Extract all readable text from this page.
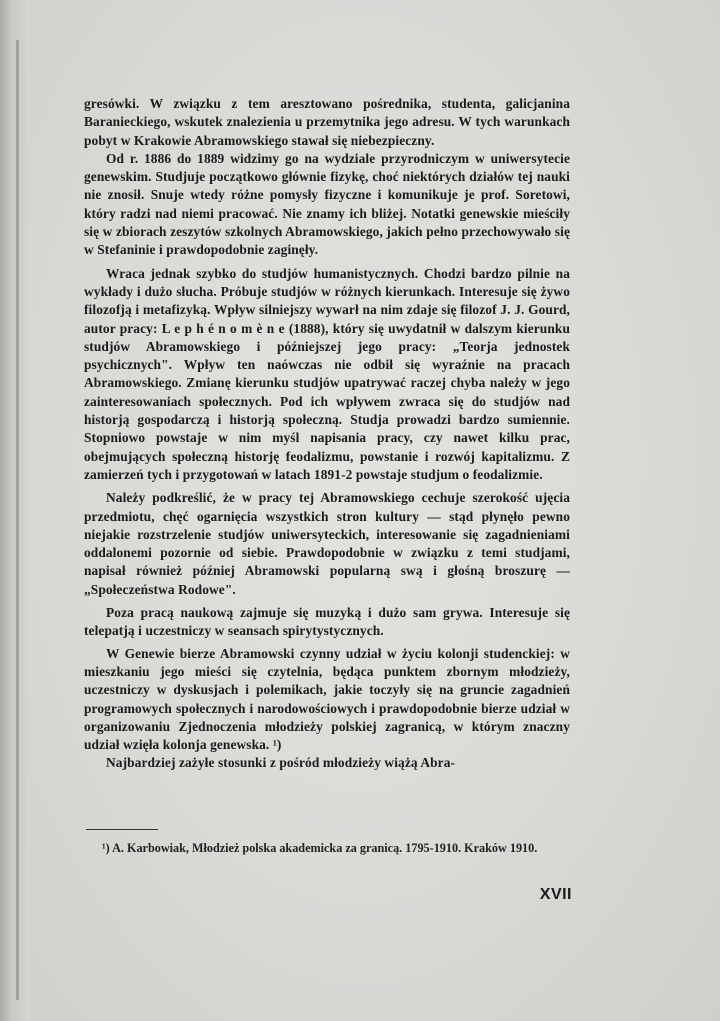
gresówki. W związku z tem aresztowano pośrednika, studenta, galicjanina Baranieckiego, wskutek znalezienia u przemytnika jego adresu. W tych warunkach pobyt w Krakowie Abramowskiego stawał się niebezpieczny.

Od r. 1886 do 1889 widzimy go na wydziale przyrodniczym w uniwersytecie genewskim. Studjuje początkowo głównie fizykę, choć niektórych działów tej nauki nie znosił. Snuje wtedy różne pomysły fizyczne i komunikuje je prof. Soretowi, który radzi nad niemi pracować. Nie znamy ich bliżej. Notatki genewskie mieściły się w zbiorach zeszytów szkolnych Abramowskiego, jakich pełno przechowywało się w Stefaninie i prawdopodobnie zaginęły.

Wraca jednak szybko do studjów humanistycznych. Chodzi bardzo pilnie na wykłady i dużo słucha. Próbuje studjów w różnych kierunkach. Interesuje się żywo filozofją i metafizyką. Wpływ silniejszy wywarł na nim zdaje się filozof J. J. Gourd, autor pracy: L e p h é n o m è n e (1888), który się uwydatnił w dalszym kierunku studjów Abramowskiego i późniejszej jego pracy: „Teorja jednostek psychicznych". Wpływ ten naówczas nie odbił się wyraźnie na pracach Abramowskiego. Zmianę kierunku studjów upatrywać raczej chyba należy w jego zainteresowaniach społecznych. Pod ich wpływem zwraca się do studjów nad historją gospodarczą i historją społeczną. Studja prowadzi bardzo sumiennie. Stopniowo powstaje w nim myśl napisania pracy, czy nawet kilku prac, obejmujących społeczną historję feodalizmu, powstanie i rozwój kapitalizmu. Z zamierzeń tych i przygotowań w latach 1891-2 powstaje studjum o feodalizmie.

Należy podkreślić, że w pracy tej Abramowskiego cechuje szerokość ujęcia przedmiotu, chęć ogarnięcia wszystkich stron kultury — stąd płynęło pewno niejakie rozstrzelenie studjów uniwersyteckich, interesowanie się zagadnieniami oddalonemi pozornie od siebie. Prawdopodobnie w związku z temi studjami, napisał również później Abramowski popularną swą i głośną broszurę — „Społeczeństwa Rodowe".

Poza pracą naukową zajmuje się muzyką i dużo sam grywa. Interesuje się telepatją i uczestniczy w seansach spirytystycznych.

W Genewie bierze Abramowski czynny udział w życiu kolonji studenckiej: w mieszkaniu jego mieści się czytelnia, będąca punktem zbornym młodzieży, uczestniczy w dyskusjach i polemikach, jakie toczyły się na gruncie zagadnień programowych społecznych i narodowościowych i prawdopodobnie bierze udział w organizowaniu Zjednoczenia młodzieży polskiej zagranicą, w którym znaczny udział wzięła kolonja genewska. ¹)

Najbardziej zażyłe stosunki z pośród młodzieży wiążą Abra-

¹) A. Karbowiak, Młodzież polska akademicka za granicą. 1795-1910. Kraków 1910.

XVII
